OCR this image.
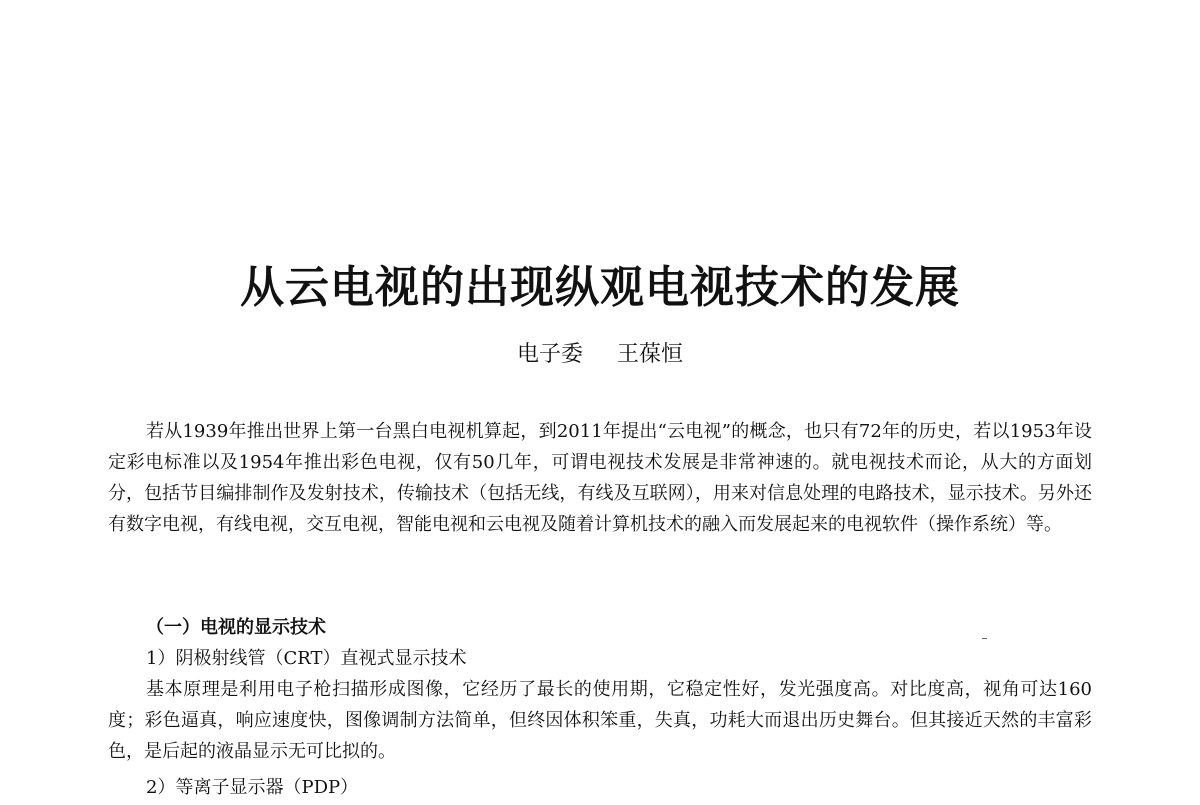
从云电视的出现纵观电视技术的发展
电子委 王葆恒

若从1939年推出世界上第一台黑白电视机算起，到2011年提出“云电视”的概念，也只有72年的历史，若以1953年设定彩电标准以及1954年推出彩色电视，仅有50几年，可谓电视技术发展是非常神速的。就电视技术而论，从大的方面划分，包括节目编排制作及发射技术，传输技术（包括无线，有线及互联网），用来对信息处理的电路技术，显示技术。另外还有数字电视，有线电视，交互电视，智能电视和云电视及随着计算机技术的融入而发展起来的电视软件（操作系统）等。

（一）电视的显示技术

1）阴极射线管（CRT）直视式显示技术

基本原理是利用电子枪扫描形成图像，它经历了最长的使用期，它稳定性好，发光强度高。对比度高，视角可达160度；彩色逼真，响应速度快，图像调制方法简单，但终因体积笨重，失真，功耗大而退出历史舞台。但其接近天然的丰富彩色，是后起的液晶显示无可比拟的。

2）等离子显示器（PDP）
